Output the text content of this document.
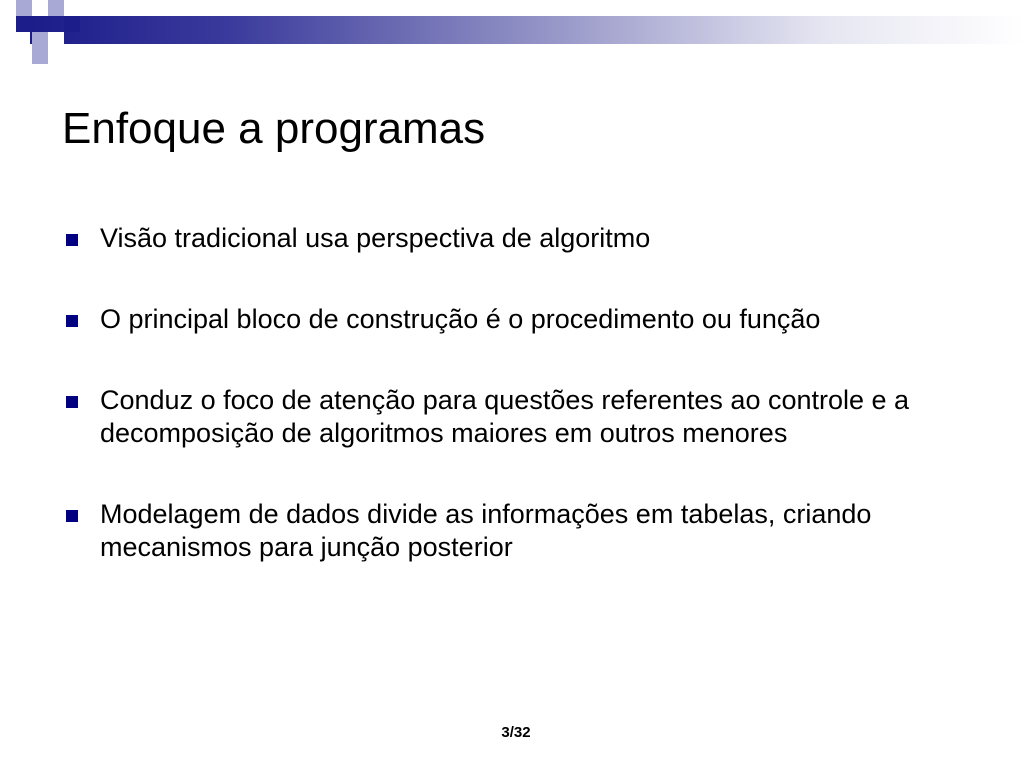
Enfoque a programas
Visão tradicional usa perspectiva de algoritmo
O principal bloco de construção é o procedimento ou função
Conduz o foco de atenção para questões referentes ao controle e a decomposição de algoritmos maiores em outros menores
Modelagem de dados divide as informações em tabelas, criando mecanismos para junção posterior
3/32
